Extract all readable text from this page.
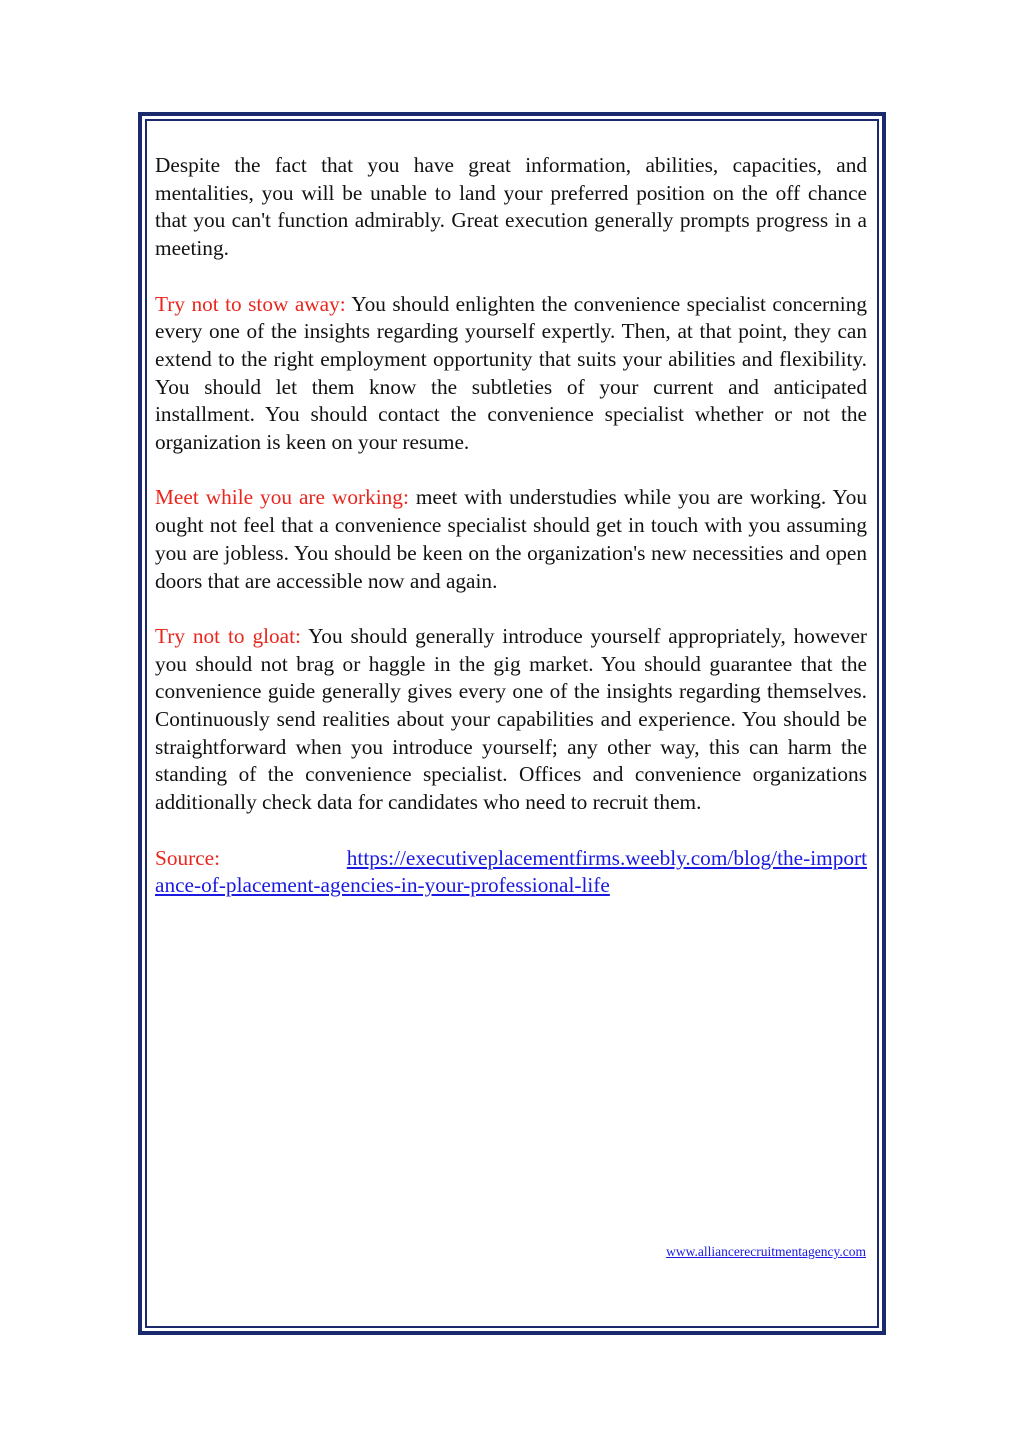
Despite the fact that you have great information, abilities, capacities, and mentalities, you will be unable to land your preferred position on the off chance that you can't function admirably. Great execution generally prompts progress in a meeting.

Try not to stow away: You should enlighten the convenience specialist concerning every one of the insights regarding yourself expertly. Then, at that point, they can extend to the right employment opportunity that suits your abilities and flexibility. You should let them know the subtleties of your current and anticipated installment. You should contact the convenience specialist whether or not the organization is keen on your resume.

Meet while you are working: meet with understudies while you are working. You ought not feel that a convenience specialist should get in touch with you assuming you are jobless. You should be keen on the organization's new necessities and open doors that are accessible now and again.

Try not to gloat: You should generally introduce yourself appropriately, however you should not brag or haggle in the gig market. You should guarantee that the convenience guide generally gives every one of the insights regarding themselves. Continuously send realities about your capabilities and experience. You should be straightforward when you introduce yourself; any other way, this can harm the standing of the convenience specialist. Offices and convenience organizations additionally check data for candidates who need to recruit them.

Source:	https://executiveplacementfirms.weebly.com/blog/the-importance-of-placement-agencies-in-your-professional-life

www.alliancerecruitmentagency.com
